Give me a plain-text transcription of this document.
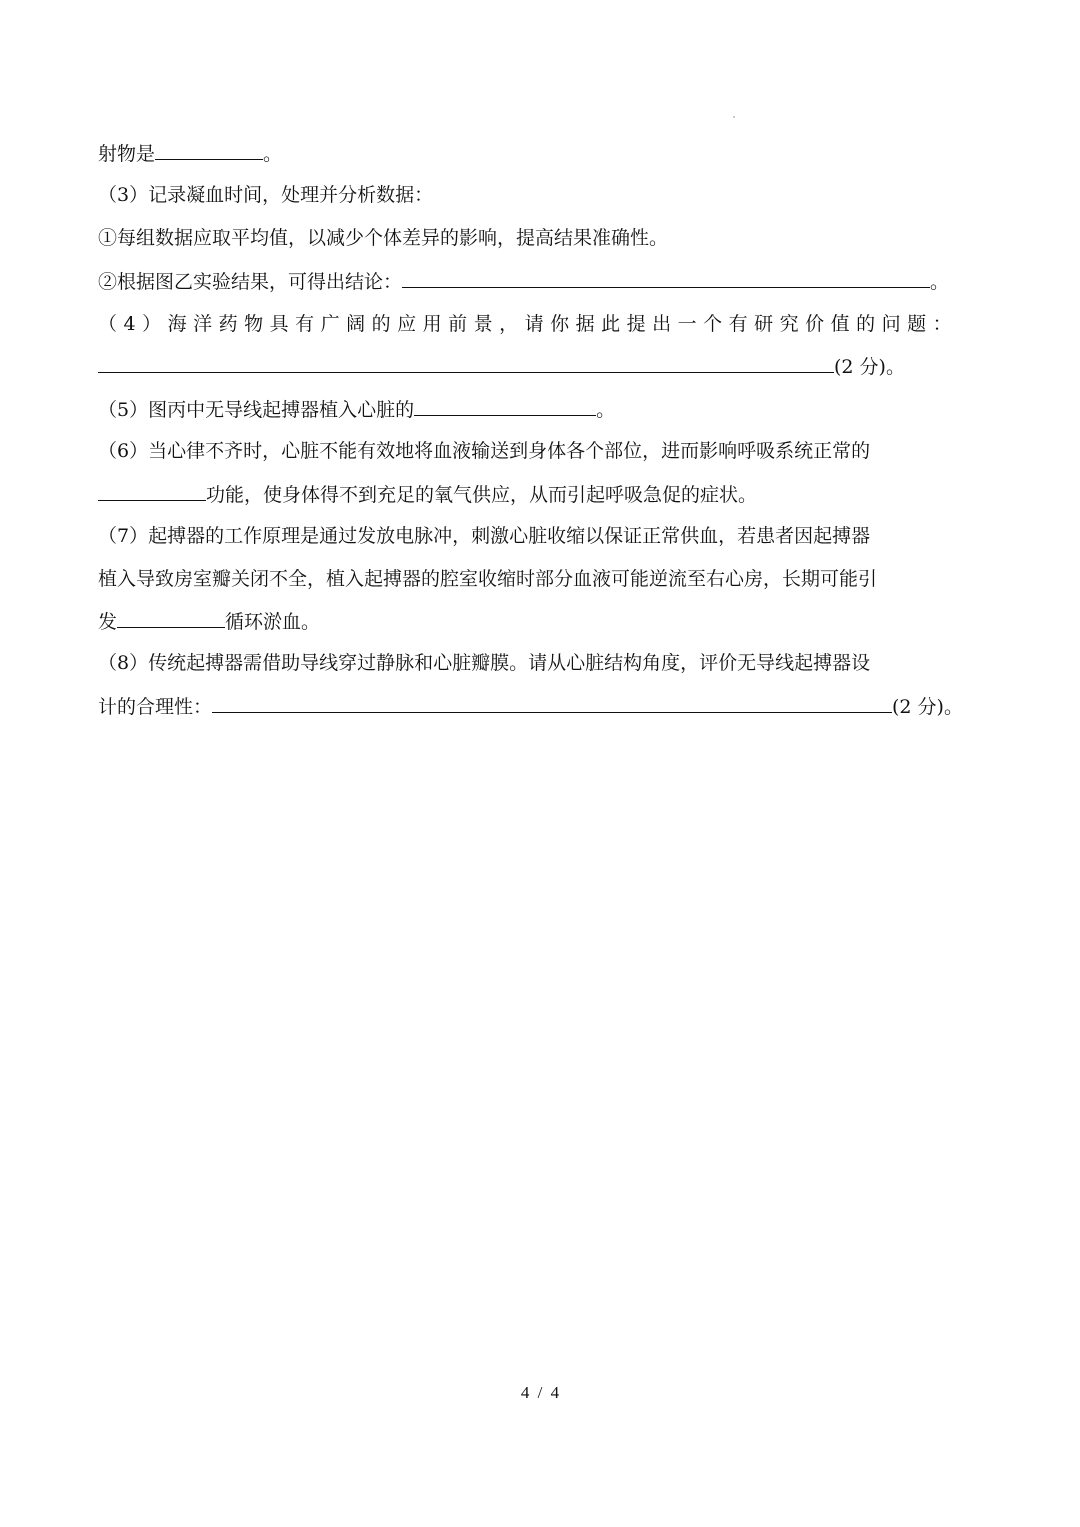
射物是	。
（3）记录凝血时间，处理并分析数据：
①每组数据应取平均值，以减少个体差异的影响，提高结果准确性。
②根据图乙实验结果，可得出结论：	。
（4）海洋药物具有广阔的应用前景，请你据此提出一个有研究价值的问题：
(2 分)。
（5）图丙中无导线起搏器植入心脏的	。
（6）当心律不齐时，心脏不能有效地将血液输送到身体各个部位，进而影响呼吸系统正常的
功能，使身体得不到充足的氧气供应，从而引起呼吸急促的症状。
（7）起搏器的工作原理是通过发放电脉冲，刺激心脏收缩以保证正常供血，若患者因起搏器
植入导致房室瓣关闭不全，植入起搏器的腔室收缩时部分血液可能逆流至右心房，长期可能引
发	循环淤血。
（8）传统起搏器需借助导线穿过静脉和心脏瓣膜。请从心脏结构角度，评价无导线起搏器设
计的合理性：	(2 分)。
4 / 4
